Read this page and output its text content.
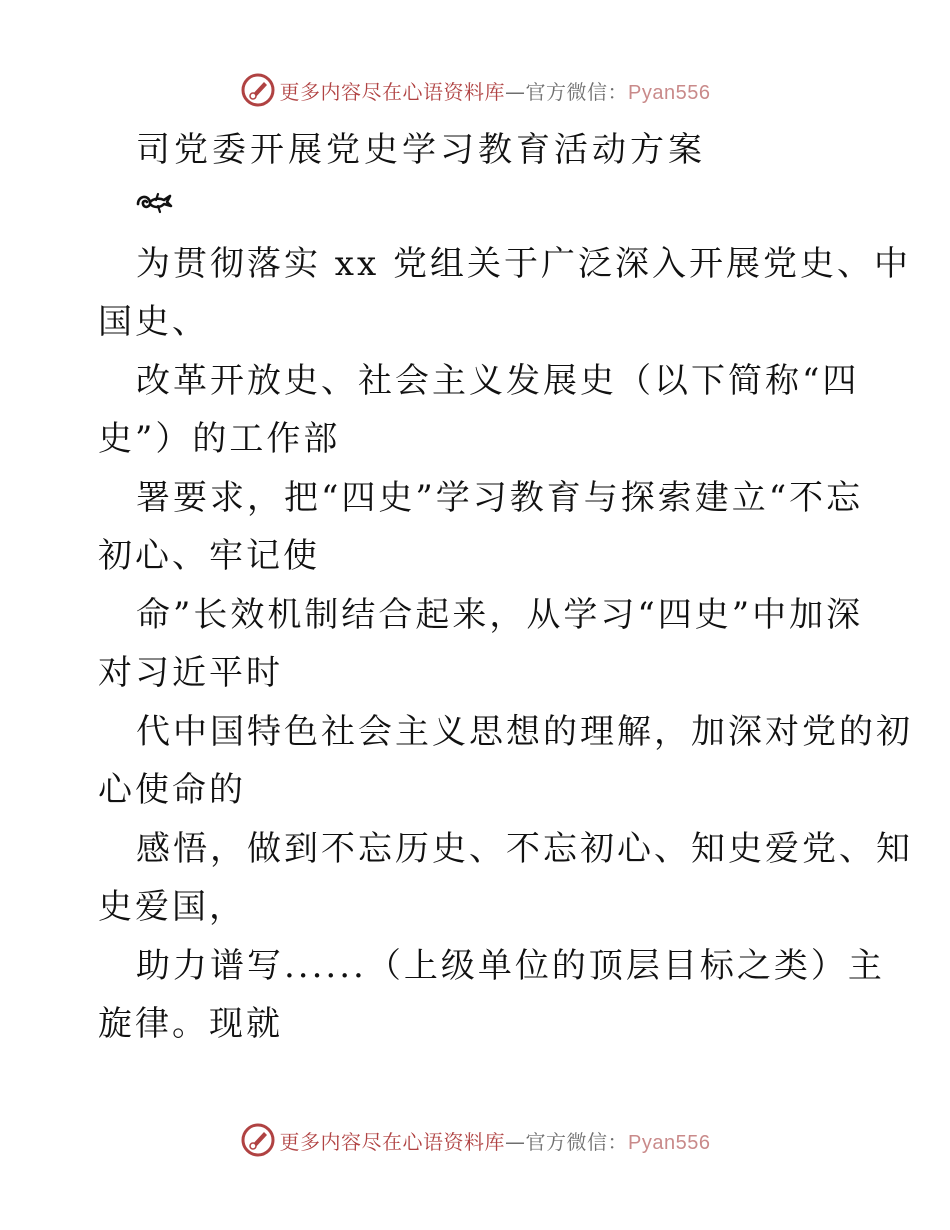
更多内容尽在心语资料库—官方微信：Pyan556
司党委开展党史学习教育活动方案
为贯彻落实 xx 党组关于广泛深入开展党史、中
国史、
改革开放史、社会主义发展史（以下简称“四
史”）的工作部
署要求，把“四史”学习教育与探索建立“不忘
初心、牢记使
命”长效机制结合起来，从学习“四史”中加深
对习近平时
代中国特色社会主义思想的理解，加深对党的初
心使命的
感悟，做到不忘历史、不忘初心、知史爱党、知
史爱国，
助力谱写......（上级单位的顶层目标之类）主
旋律。现就
更多内容尽在心语资料库—官方微信：Pyan556
